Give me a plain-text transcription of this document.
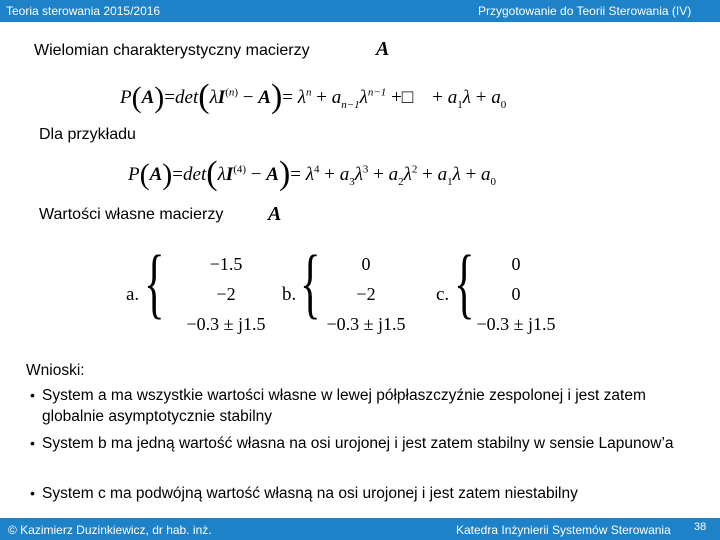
Teoria sterowania 2015/2016	Przygotowanie do Teorii Sterowania (IV)
Wielomian charakterystyczny macierzy	A
$P(A)=\det(\lambda I^{(n)} - A)= \lambda^n + a_{n-1}\lambda^{n-1}$ +□    + $a_1\lambda + a_0$
Dla przykładu
$P(A)=\det(\lambda I^{(4)} - A)= \lambda^4 + a_3\lambda^3 + a_2\lambda^2 + a_1\lambda + a_0$
Wartości własne macierzy A
a. {	−1.5
−2
−0.3 ± j1.5
b. {	0
−2
−0.3 ± j1.5
c. {	0
0
−0.3 ± j1.5
Wnioski:
• System a ma wszystkie wartości własne w lewej półpłaszczyźnie zespolonej i jest zatem globalnie asymptotycznie stabilny
• System b ma jedną wartość własna na osi urojonej i jest zatem stabilny w sensie Lapunow’a
• System c ma podwójną wartość własną na osi urojonej i jest zatem niestabilny
© Kazimierz Duzinkiewicz, dr hab. inż.	Katedra Inżynierii Systemów Sterowania 38
